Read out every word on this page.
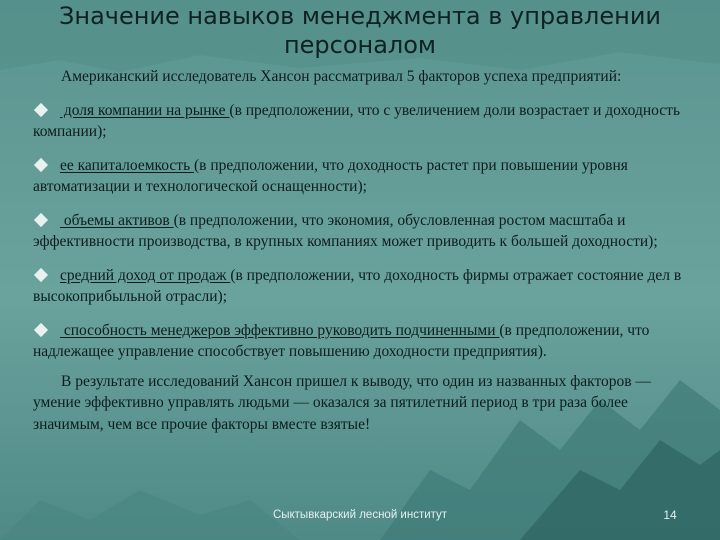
Значение навыков менеджмента в управлении персоналом

Американский исследователь Хансон рассматривал 5 факторов успеха предприятий:

доля компании на рынке (в предположении, что с увеличением доли возрастает и доходность компании);

ее капиталоемкость (в предположении, что доходность растет при повышении уровня автоматизации и технологической оснащенности);

объемы активов (в предположении, что экономия, обусловленная ростом масштаба и эффективности производства, в крупных компаниях может приводить к большей доходности);

средний доход от продаж (в предположении, что доходность фирмы отражает состояние дел в высокоприбыльной отрасли);

способность менеджеров эффективно руководить подчиненными (в предположении, что надлежащее управление способствует повышению доходности предприятия).

В результате исследований Хансон пришел к выводу, что один из названных факторов — умение эффективно управлять людьми — оказался за пятилетний период в три раза более значимым, чем все прочие факторы вместе взятые!

Сыктывкарский лесной институт	14
